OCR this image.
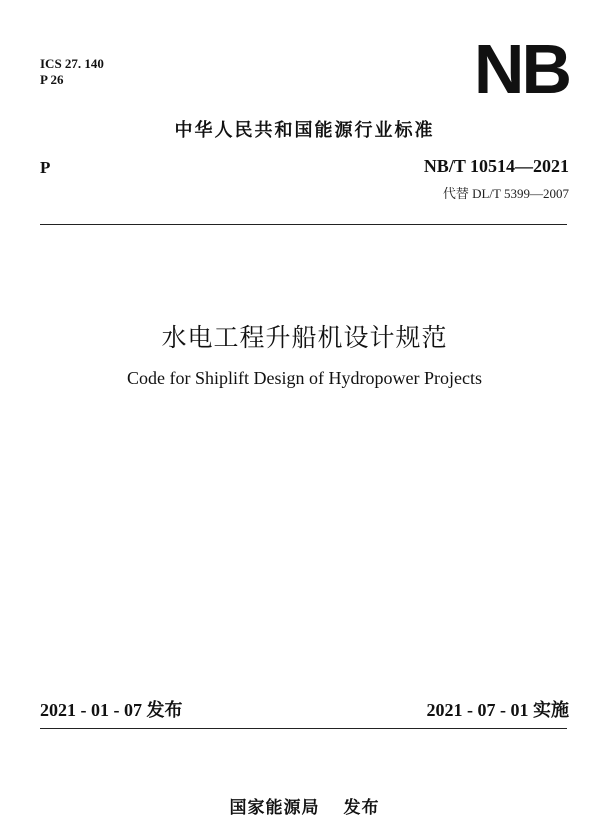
ICS 27. 140
P 26	NB
中华人民共和国能源行业标准
P	NB/T 10514—2021
代替 DL/T 5399—2007
水电工程升船机设计规范
Code for Shiplift Design of Hydropower Projects
2021 - 01 - 07 发布	2021 - 07 - 01 实施
国家能源局 发布
